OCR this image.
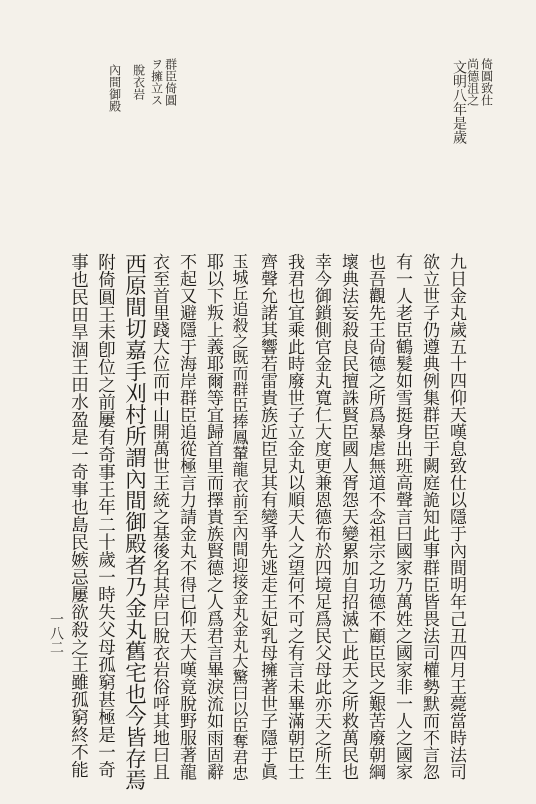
文明八年是歲
一八二
倚圓致仕
尚德沮之
群臣倚圓
ヲ擁立ス
脫衣岩
內間御殿
九日金丸歲五十四仰天嘆息致仕以隱于內間明年己丑四月王薨當時法司
欲立世子仍遵典例集群臣于闕庭詭知此事群臣皆畏法司權勢默而不言忽
有一人老臣鶴髮如雪挺身出班高聲言曰國家乃萬姓之國家非一人之國家
也吾觀先王尙德之所爲暴虐無道不念祖宗之功德不顧臣民之艱苦廢朝綱
壞典法妄殺良民擅誅賢臣國人胥怨天變累加自招滅亡此天之所救萬民也
幸今御鎖側官金丸寬仁大度更兼恩德布於四境足爲民父母此亦天之所生
我君也宜乘此時廢世子立金丸以順天人之望何不可之有言未畢滿朝臣士
齊聲允諾其響若雷貴族近臣見其有變爭先逃走王妃乳母擁著世子隱于眞
玉城丘追殺之既而群臣捧鳳輦龍衣前至內間迎接金丸金丸大驚曰以臣奪君忠
耶以下叛上義耶爾等宜歸首里而擇貴族賢德之人爲君言畢淚流如雨固辭
不起又避隱于海岸群臣追從極言力請金丸不得已仰天大嘆竟脫野服著龍
衣至首里踐大位而中山開萬世王統之基後名其岸曰脫衣岩俗呼其地曰且
西原間切嘉手刈村所謂內間御殿者乃金丸舊宅也今皆存焉
附倚圓王未卽位之前屢有奇事王年二十歲一時失父母孤窮甚極是一奇
事也民田旱涸王田水盈是一奇事也島民嫉忌屢欲殺之王雖孤窮終不能
